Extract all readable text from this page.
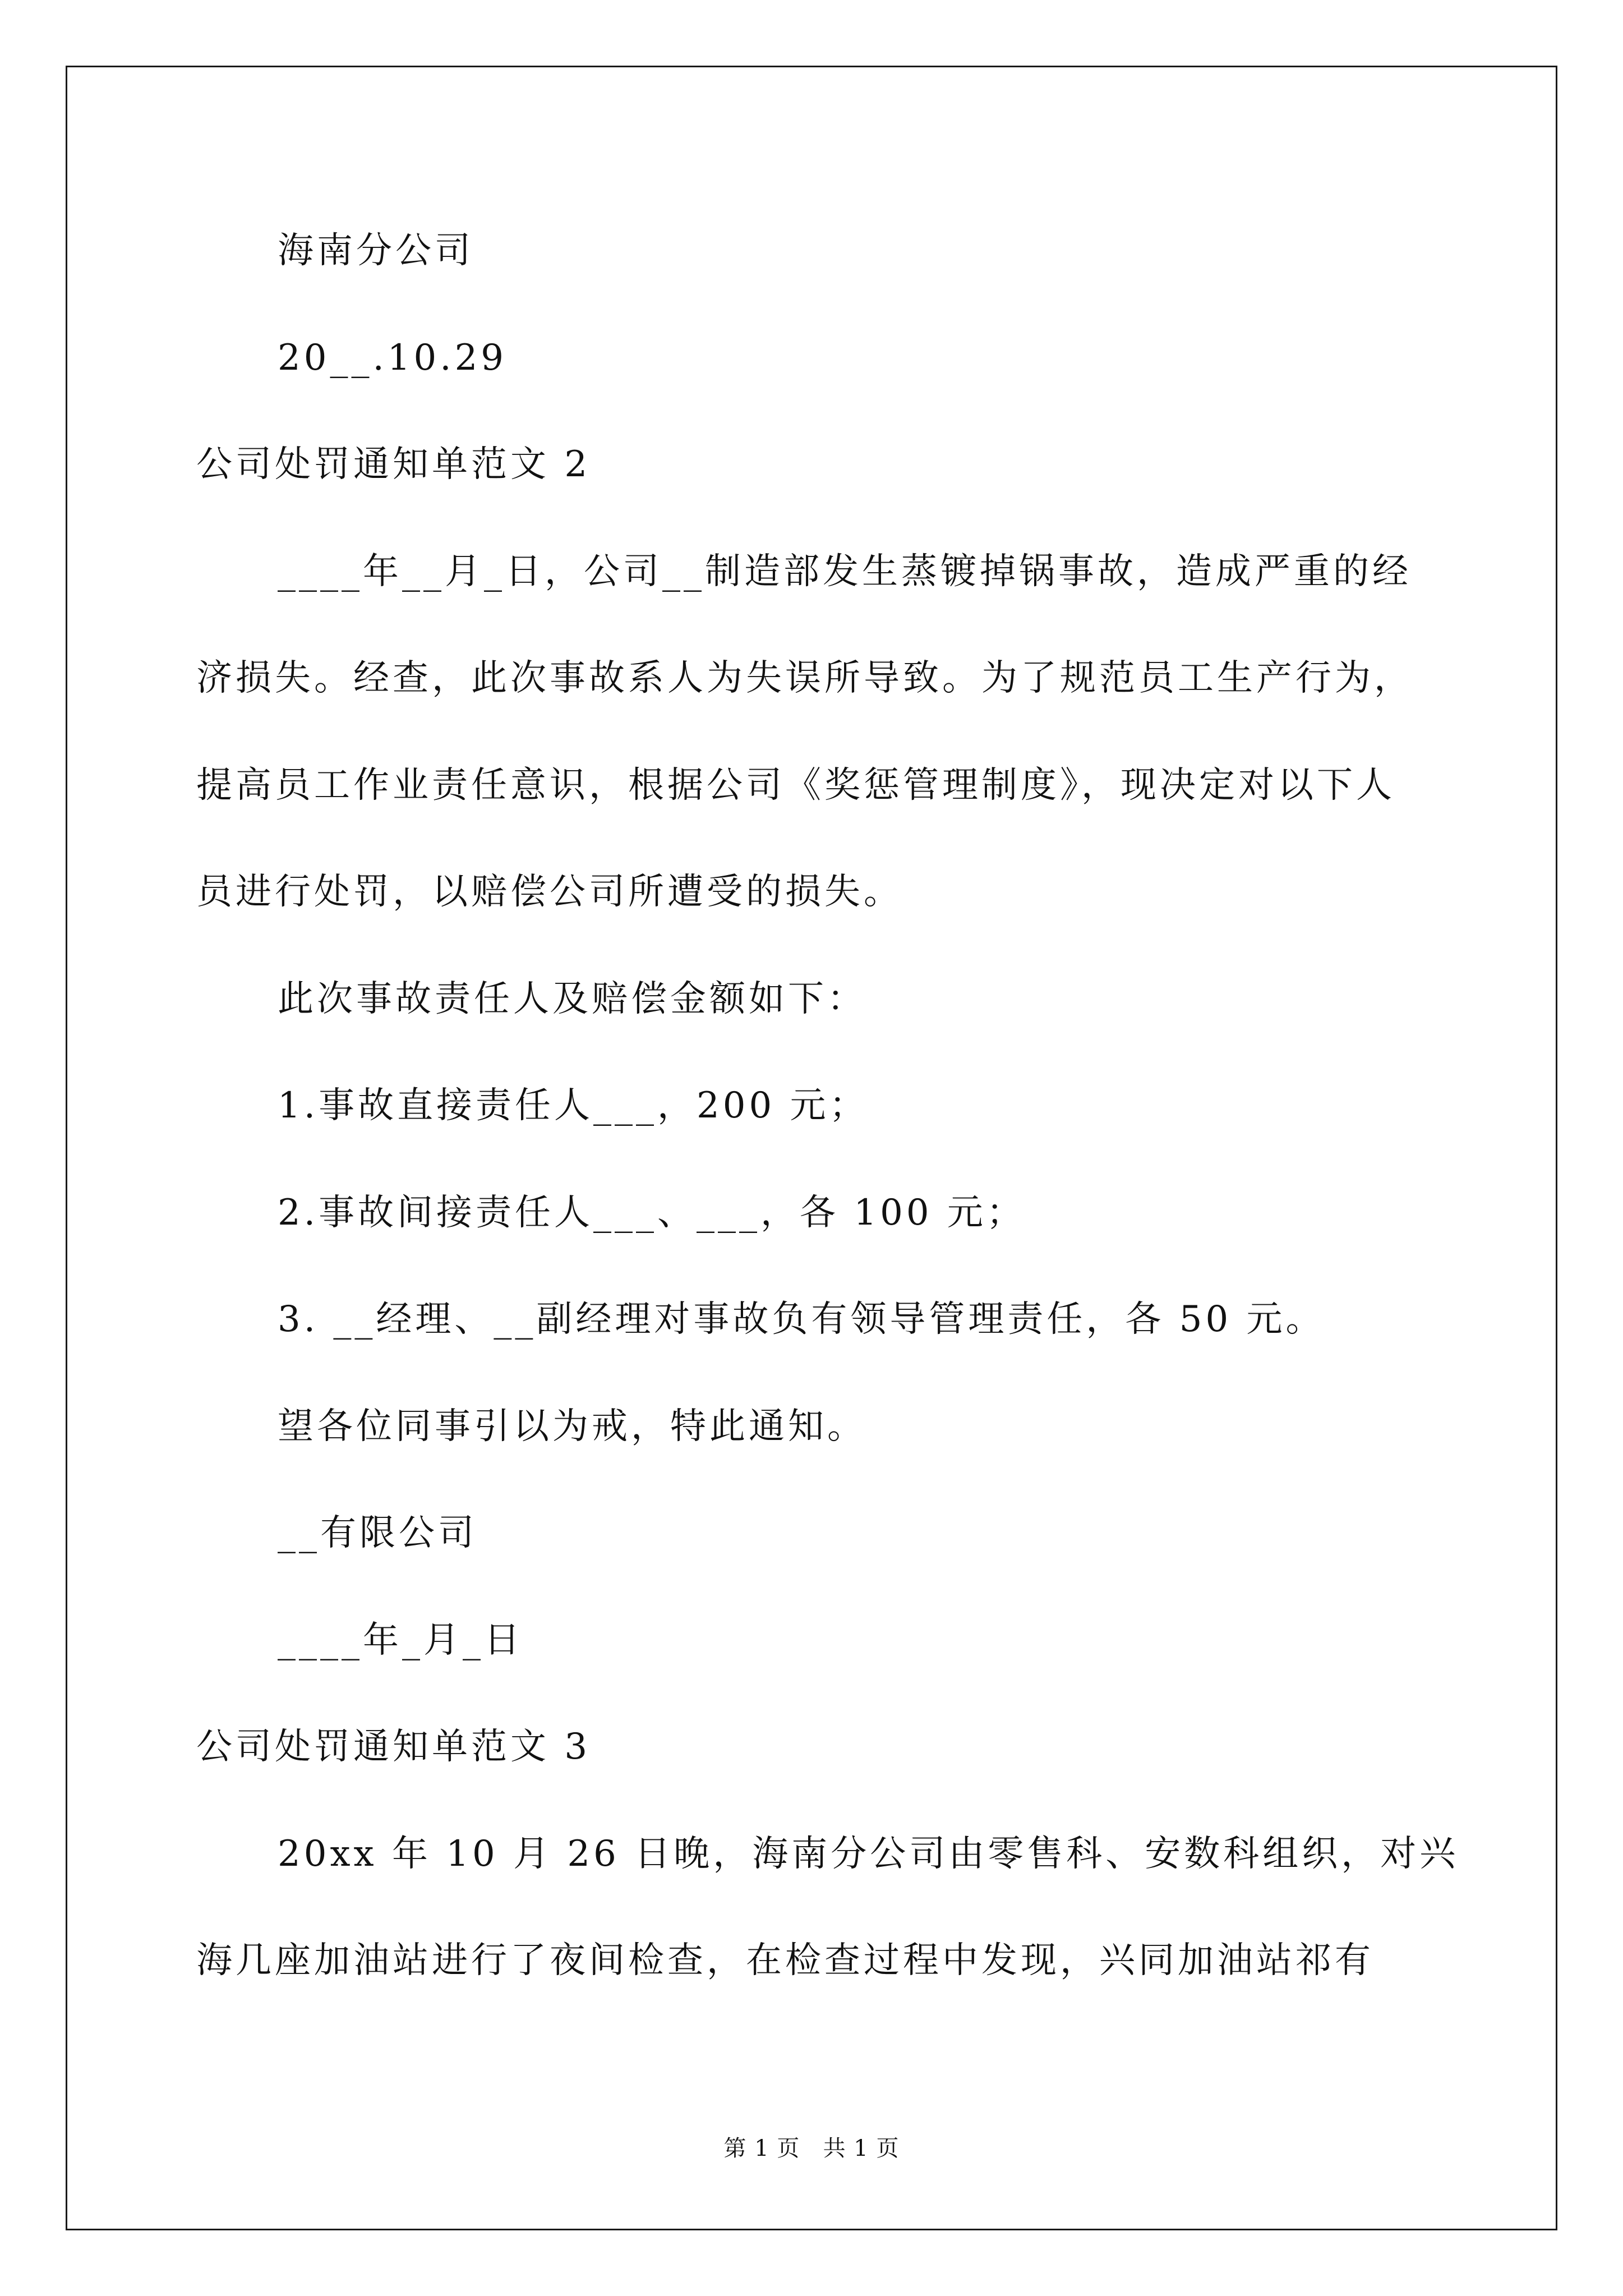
海南分公司
20__.10.29
公司处罚通知单范文 2
____年__月_日，公司__制造部发生蒸镀掉锅事故，造成严重的经
济损失。经查，此次事故系人为失误所导致。为了规范员工生产行为，
提高员工作业责任意识，根据公司《奖惩管理制度》，现决定对以下人
员进行处罚，以赔偿公司所遭受的损失。
此次事故责任人及赔偿金额如下：
1.事故直接责任人___，200 元；
2.事故间接责任人___、___，各 100 元；
3. __经理、__副经理对事故负有领导管理责任，各 50 元。
望各位同事引以为戒，特此通知。
__有限公司
____年_月_日
公司处罚通知单范文 3
20xx 年 10 月 26 日晚，海南分公司由零售科、安数科组织，对兴
海几座加油站进行了夜间检查，在检查过程中发现，兴同加油站祁有
第 1 页   共 1 页
